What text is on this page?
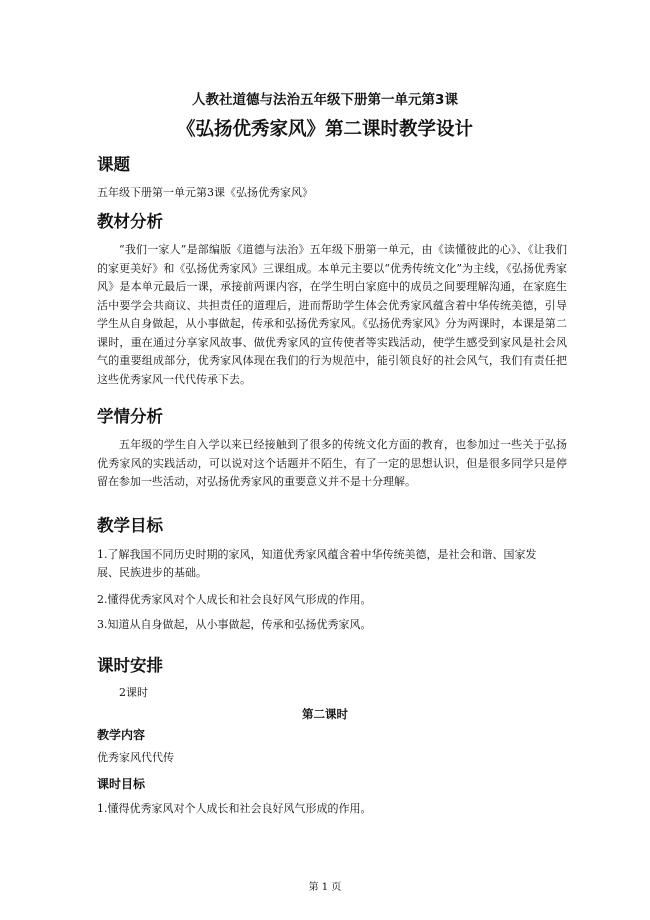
人教社道德与法治五年级下册第一单元第3课

《弘扬优秀家风》第二课时教学设计

课题

五年级下册第一单元第3课《弘扬优秀家风》

教材分析

“我们一家人”是部编版《道德与法治》五年级下册第一单元，由《读懂彼此的心》、《让我们的家更美好》和《弘扬优秀家风》三课组成。本单元主要以“优秀传统文化”为主线，《弘扬优秀家风》是本单元最后一课，承接前两课内容，在学生明白家庭中的成员之间要理解沟通，在家庭生活中要学会共商议、共担责任的道理后，进而帮助学生体会优秀家风蕴含着中华传统美德，引导学生从自身做起，从小事做起，传承和弘扬优秀家风。《弘扬优秀家风》分为两课时，本课是第二课时，重在通过分享家风故事、做优秀家风的宣传使者等实践活动，使学生感受到家风是社会风气的重要组成部分，优秀家风体现在我们的行为规范中，能引领良好的社会风气，我们有责任把这些优秀家风一代代传承下去。

学情分析

五年级的学生自入学以来已经接触到了很多的传统文化方面的教育，也参加过一些关于弘扬优秀家风的实践活动，可以说对这个话题并不陌生，有了一定的思想认识，但是很多同学只是停留在参加一些活动，对弘扬优秀家风的重要意义并不是十分理解。

教学目标

1.了解我国不同历史时期的家风，知道优秀家风蕴含着中华传统美德，是社会和谐、国家发

展、民族进步的基础。

2.懂得优秀家风对个人成长和社会良好风气形成的作用。

3.知道从自身做起，从小事做起，传承和弘扬优秀家风。

课时安排

2课时

第二课时

教学内容

优秀家风代代传

课时目标

1.懂得优秀家风对个人成长和社会良好风气形成的作用。

第 1 页
